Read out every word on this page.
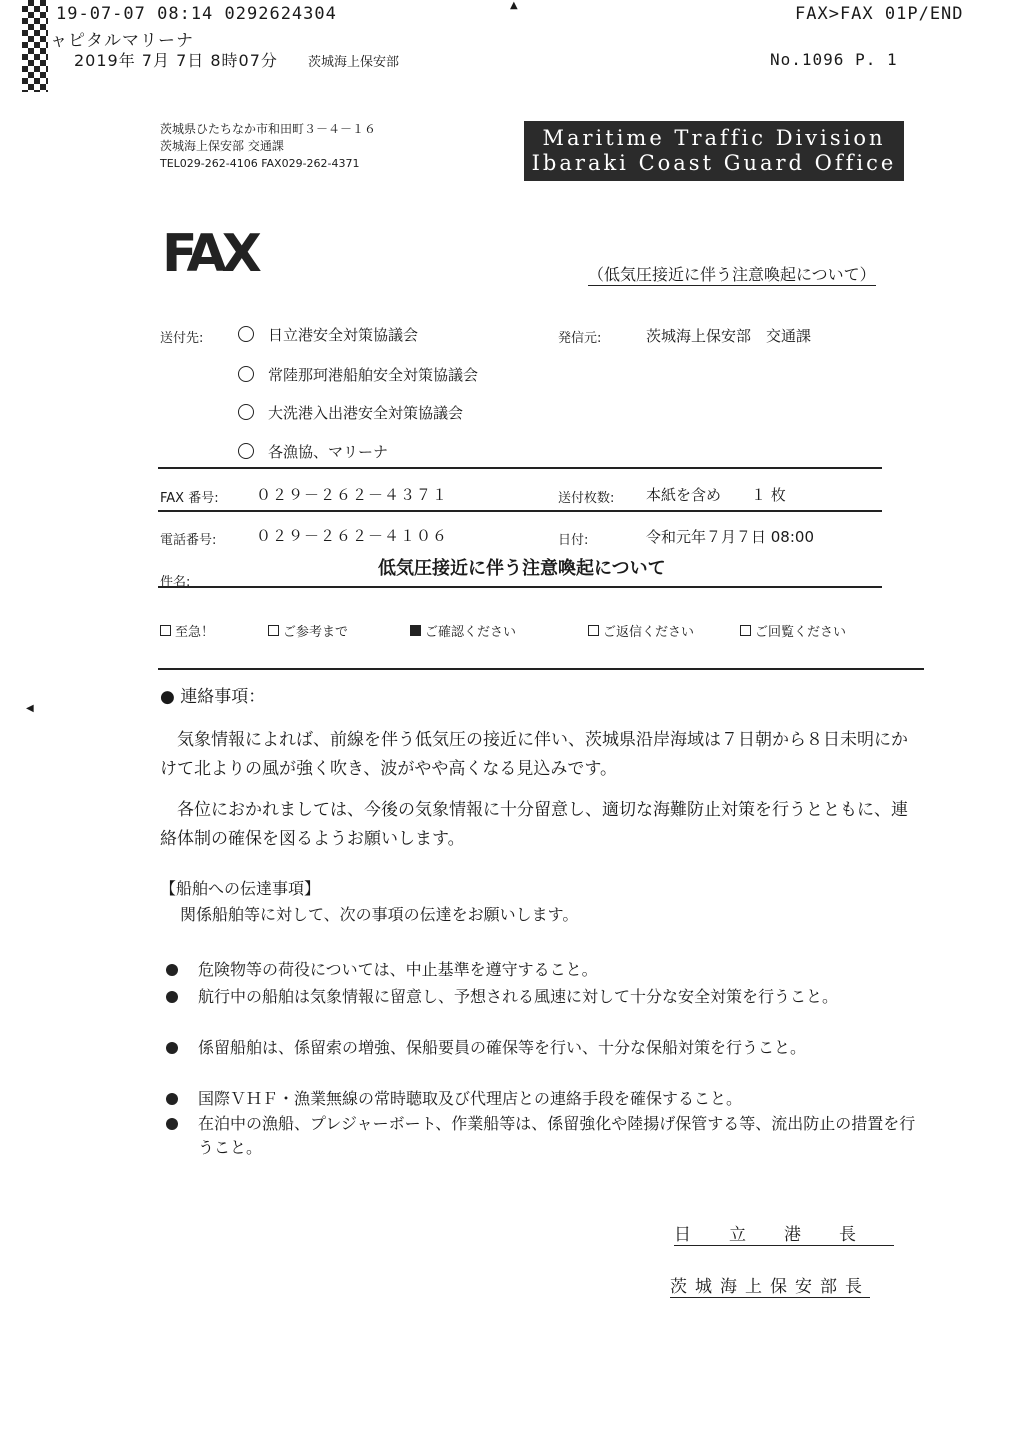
19-07-07 08:14 0292624304	▲	FAX>FAX 01P/END
ャピタルマリーナ
2019年 7月 7日 8時07分 茨城海上保安部	No.1096 P. 1
茨城県ひたちなか市和田町３－４－１６
茨城海上保安部 交通課
TEL029-262-4106 FAX029-262-4371
Maritime Traffic Division
Ibaraki Coast Guard Office
FAX	（低気圧接近に伴う注意喚起について）
送付先:	日立港安全対策協議会
常陸那珂港船舶安全対策協議会
大洗港入出港安全対策協議会
各漁協、マリーナ
発信元:	茨城海上保安部　交通課
FAX 番号: ０２９－２６２－４３７１	送付枚数: 本紙を含め　　１ 枚
電話番号:	０２９－２６２－４１０６	日付:	令和元年７月７日 08:00
件名:
低気圧接近に伴う注意喚起について
至急！	ご参考まで	ご確認ください	ご返信ください	ご回覧ください
◀
● 連絡事項：
　気象情報によれば、前線を伴う低気圧の接近に伴い、茨城県沿岸海域は７日朝から８日未明にかけて北よりの風が強く吹き、波がやや高くなる見込みです。
　各位におかれましては、今後の気象情報に十分留意し、適切な海難防止対策を行うとともに、連絡体制の確保を図るようお願いします。
【船舶への伝達事項】
関係船舶等に対して、次の事項の伝達をお願いします。
危険物等の荷役については、中止基準を遵守すること。
航行中の船舶は気象情報に留意し、予想される風速に対して十分な安全対策を行うこと。
係留船舶は、係留索の増強、保船要員の確保等を行い、十分な保船対策を行うこと。
国際ＶＨＦ・漁業無線の常時聴取及び代理店との連絡手段を確保すること。
在泊中の漁船、プレジャーボート、作業船等は、係留強化や陸揚げ保管する等、流出防止の措置を行うこと。
日立港長
茨城海上保安部長
